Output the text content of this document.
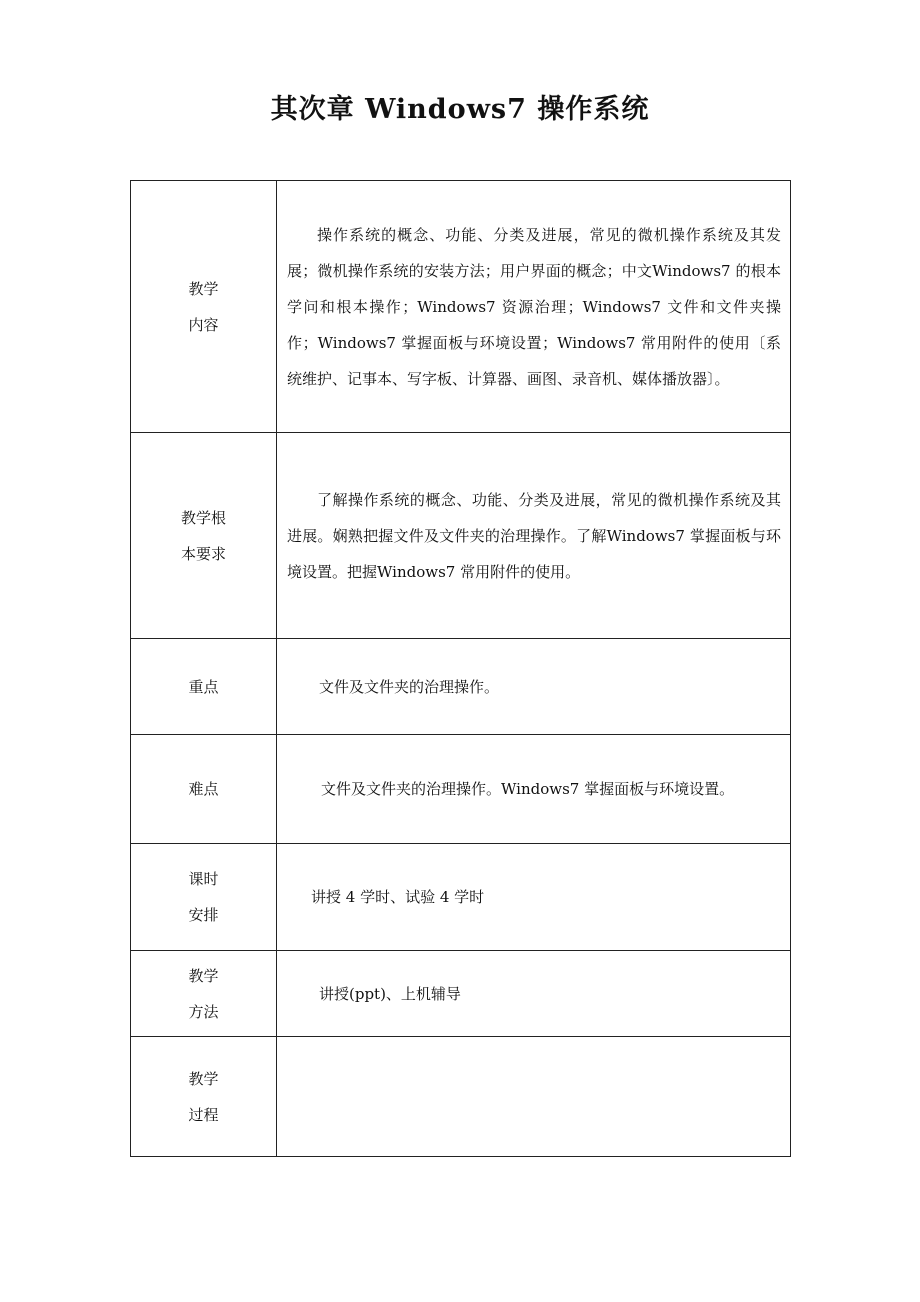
其次章 Windows7 操作系统
教学
内容	操作系统的概念、功能、分类及进展，常见的微机操作系统及其发展；微机操作系统的安装方法；用户界面的概念；中文Windows7 的根本学问和根本操作；Windows7 资源治理；Windows7 文件和文件夹操作；Windows7 掌握面板与环境设置；Windows7 常用附件的使用〔系统维护、记事本、写字板、计算器、画图、录音机、媒体播放器〕。

教学根
本要求	了解操作系统的概念、功能、分类及进展，常见的微机操作系统及其进展。娴熟把握文件及文件夹的治理操作。了解Windows7 掌握面板与环境设置。把握Windows7 常用附件的使用。

重点	文件及文件夹的治理操作。

难点	文件及文件夹的治理操作。Windows7 掌握面板与环境设置。

课时
安排	讲授 4 学时、试验 4 学时

教学
方法	讲授(ppt)、上机辅导

教学
过程	
